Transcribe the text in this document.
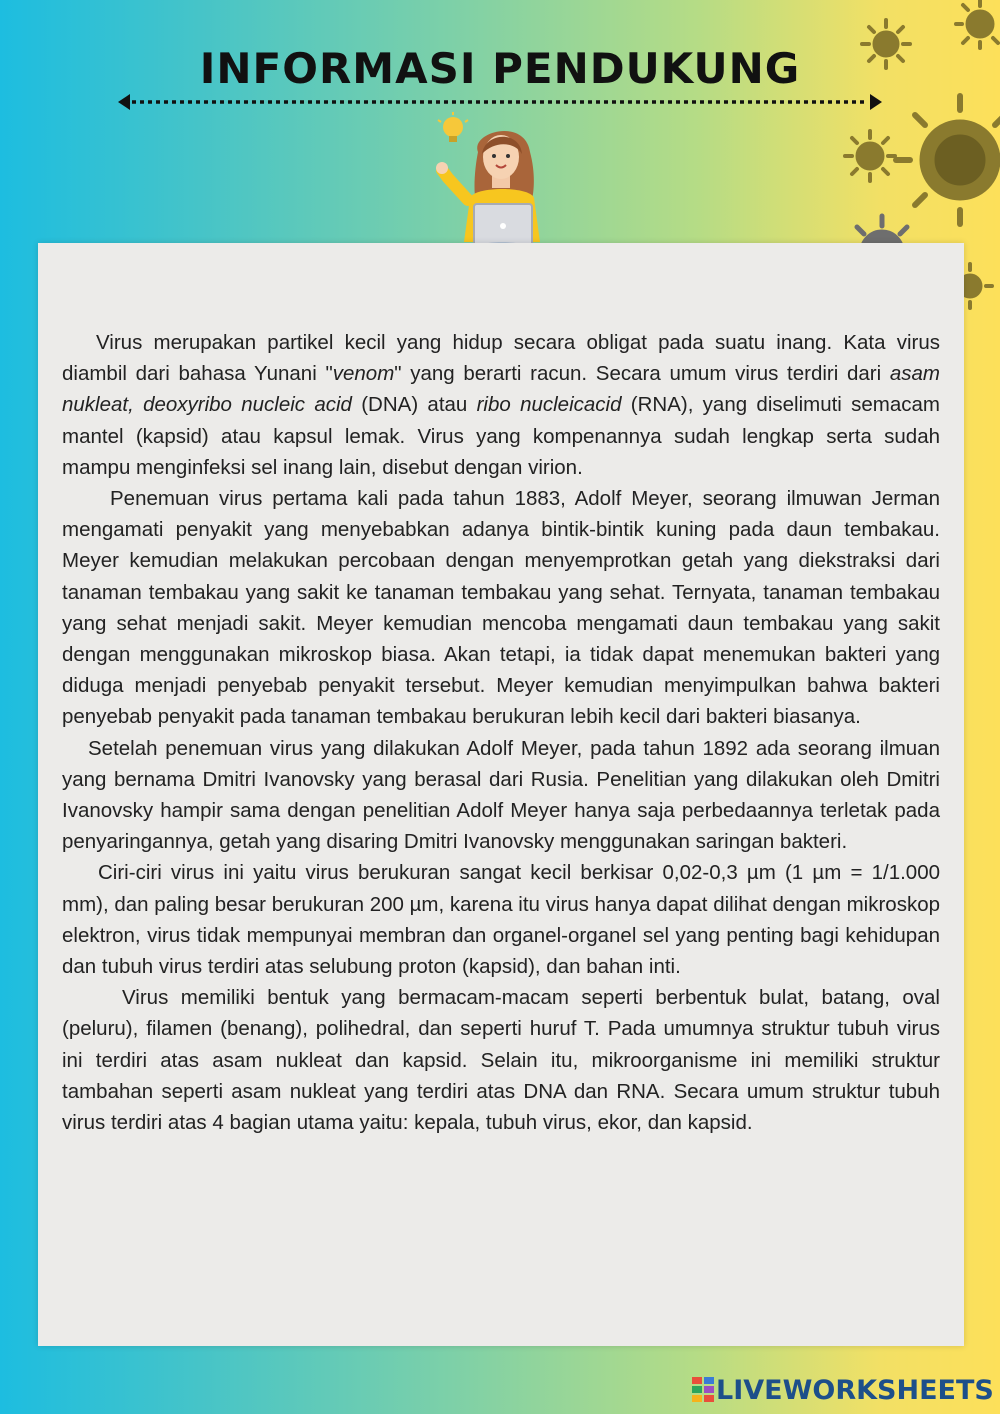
INFORMASI PENDUKUNG

Virus merupakan partikel kecil yang hidup secara obligat pada suatu inang. Kata virus diambil dari bahasa Yunani "venom" yang berarti racun. Secara umum virus terdiri dari asam nukleat, deoxyribo nucleic acid (DNA) atau ribo nucleicacid (RNA), yang diselimuti semacam mantel (kapsid) atau kapsul lemak. Virus yang kompenannya sudah lengkap serta sudah mampu menginfeksi sel inang lain, disebut dengan virion.

Penemuan virus pertama kali pada tahun 1883, Adolf Meyer, seorang ilmuwan Jerman mengamati penyakit yang menyebabkan adanya bintik-bintik kuning pada daun tembakau. Meyer kemudian melakukan percobaan dengan menyemprotkan getah yang diekstraksi dari tanaman tembakau yang sakit ke tanaman tembakau yang sehat. Ternyata, tanaman tembakau yang sehat menjadi sakit. Meyer kemudian mencoba mengamati daun tembakau yang sakit dengan menggunakan mikroskop biasa. Akan tetapi, ia tidak dapat menemukan bakteri yang diduga menjadi penyebab penyakit tersebut. Meyer kemudian menyimpulkan bahwa bakteri penyebab penyakit pada tanaman tembakau berukuran lebih kecil dari bakteri biasanya.

Setelah penemuan virus yang dilakukan Adolf Meyer, pada tahun 1892 ada seorang ilmuan yang bernama Dmitri Ivanovsky yang berasal dari Rusia. Penelitian yang dilakukan oleh Dmitri Ivanovsky hampir sama dengan penelitian Adolf Meyer hanya saja perbedaannya terletak pada penyaringannya, getah yang disaring Dmitri Ivanovsky menggunakan saringan bakteri.

Ciri-ciri virus ini yaitu virus berukuran sangat kecil berkisar 0,02-0,3 µm (1 µm = 1/1.000 mm), dan paling besar berukuran 200 µm, karena itu virus hanya dapat dilihat dengan mikroskop elektron, virus tidak mempunyai membran dan organel-organel sel yang penting bagi kehidupan dan tubuh virus terdiri atas selubung proton (kapsid), dan bahan inti.

Virus memiliki bentuk yang bermacam-macam seperti berbentuk bulat, batang, oval (peluru), filamen (benang), polihedral, dan seperti huruf T. Pada umumnya struktur tubuh virus ini terdiri atas asam nukleat dan kapsid. Selain itu, mikroorganisme ini memiliki struktur tambahan seperti asam nukleat yang terdiri atas DNA dan RNA. Secara umum struktur tubuh virus terdiri atas 4 bagian utama yaitu: kepala, tubuh virus, ekor, dan kapsid.

LIVEWORKSHEETS
